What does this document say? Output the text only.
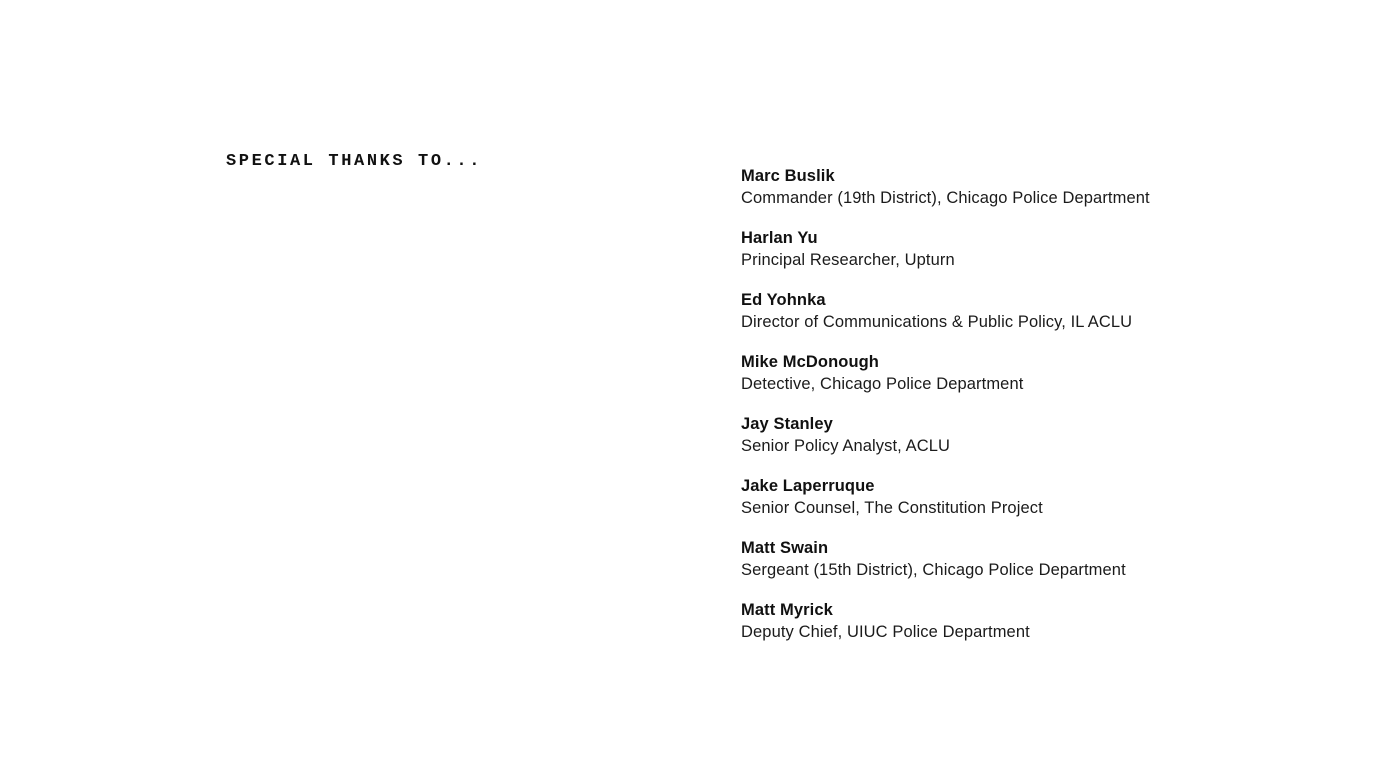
SPECIAL THANKS TO...
Marc Buslik
Commander (19th District), Chicago Police Department
Harlan Yu
Principal Researcher, Upturn
Ed Yohnka
Director of Communications & Public Policy, IL ACLU
Mike McDonough
Detective, Chicago Police Department
Jay Stanley
Senior Policy Analyst, ACLU
Jake Laperruque
Senior Counsel, The Constitution Project
Matt Swain
Sergeant (15th District), Chicago Police Department
Matt Myrick
Deputy Chief, UIUC Police Department
